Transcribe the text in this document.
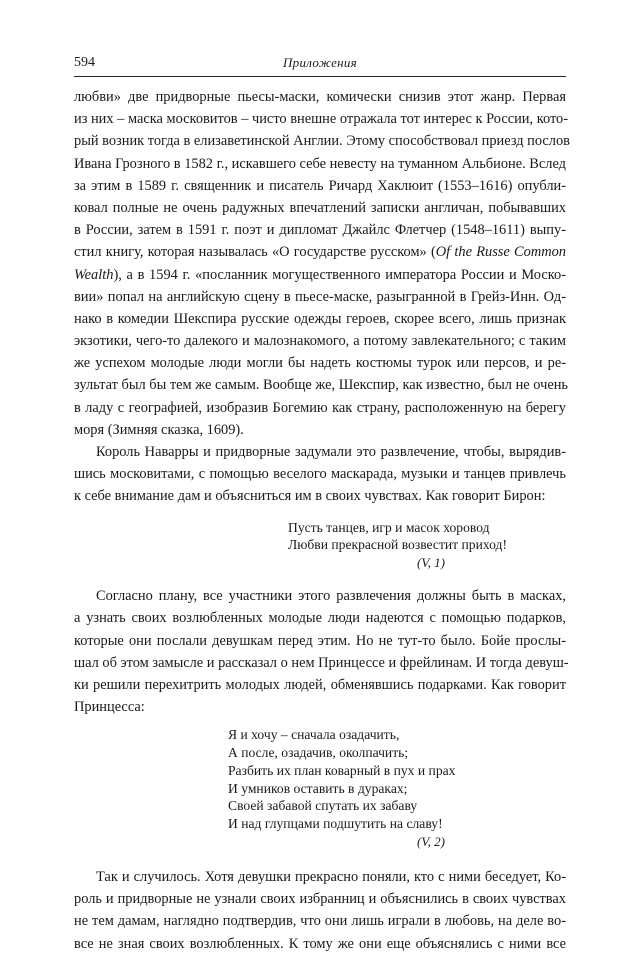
594	Приложения
любви» две придворные пьесы-маски, комически снизив этот жанр. Первая
из них – маска московитов – чисто внешне отражала тот интерес к России, кото-
рый возник тогда в елизаветинской Англии. Этому способствовал приезд послов
Ивана Грозного в 1582 г., искавшего себе невесту на туманном Альбионе. Вслед
за этим в 1589 г. священник и писатель Ричард Хаклюит (1553–1616) опубли-
ковал полные не очень радужных впечатлений записки англичан, побывавших
в России, затем в 1591 г. поэт и дипломат Джайлс Флетчер (1548–1611) выпу-
стил книгу, которая называлась «О государстве русском» (Of the Russe Common
Wealth), а в 1594 г. «посланник могущественного императора России и Моско-
вии» попал на английскую сцену в пьесе-маске, разыгранной в Грейз-Инн. Од-
нако в комедии Шекспира русские одежды героев, скорее всего, лишь признак
экзотики, чего-то далекого и малознакомого, а потому завлекательного; с таким
же успехом молодые люди могли бы надеть костюмы турок или персов, и ре-
зультат был бы тем же самым. Вообще же, Шекспир, как известно, был не очень
в ладу с географией, изобразив Богемию как страну, расположенную на берегу
моря (Зимняя сказка, 1609).
Король Наварры и придворные задумали это развлечение, чтобы, вырядив-
шись московитами, с помощью веселого маскарада, музыки и танцев привлечь
к себе внимание дам и объясниться им в своих чувствах. Как говорит Бирон:
Пусть танцев, игр и масок хоровод
Любви прекрасной возвестит приход!
(V, 1)
Согласно плану, все участники этого развлечения должны быть в масках,
а узнать своих возлюбленных молодые люди надеются с помощью подарков,
которые они послали девушкам перед этим. Но не тут-то было. Бойе прослы-
шал об этом замысле и рассказал о нем Принцессе и фрейлинам. И тогда девуш-
ки решили перехитрить молодых людей, обменявшись подарками. Как говорит
Принцесса:
Я и хочу – сначала озадачить,
А после, озадачив, околпачить;
Разбить их план коварный в пух и прах
И умников оставить в дураках;
Своей забавой спутать их забаву
И над глупцами подшутить на славу!
(V, 2)
Так и случилось. Хотя девушки прекрасно поняли, кто с ними беседует, Ко-
роль и придворные не узнали своих избранниц и объяснились в своих чувствах
не тем дамам, наглядно подтвердив, что они лишь играли в любовь, на деле во-
все не зная своих возлюбленных. К тому же они еще объяснялись с ними все
